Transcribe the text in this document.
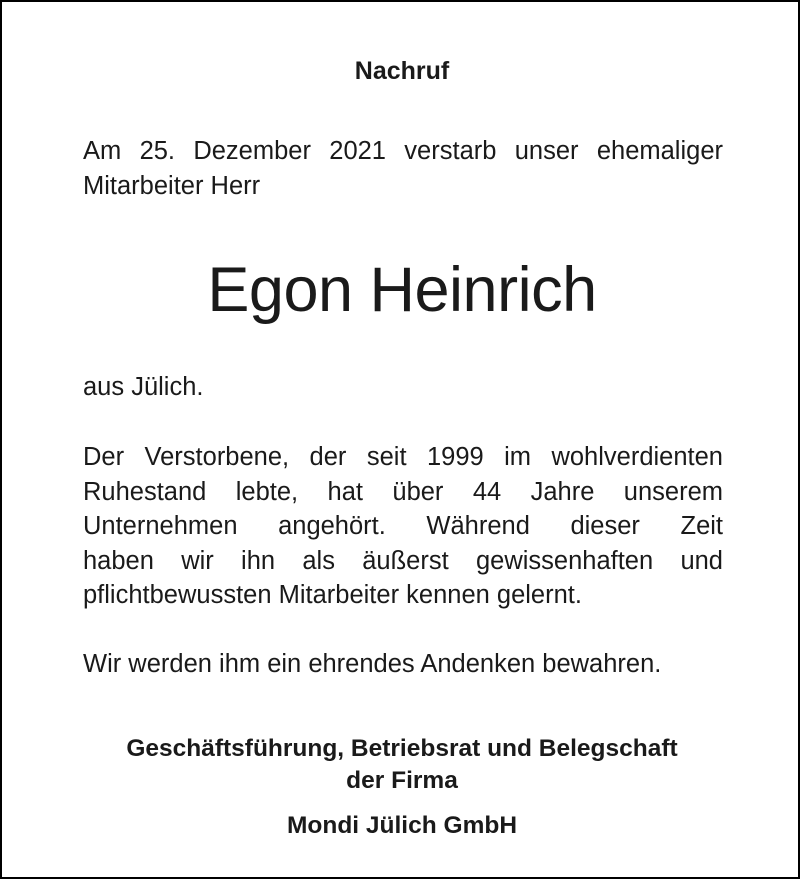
Nachruf
Am 25. Dezember 2021 verstarb unser ehemaliger
Mitarbeiter Herr
Egon Heinrich
aus Jülich.
Der Verstorbene, der seit 1999 im wohlverdienten
Ruhestand lebte, hat über 44 Jahre unserem
Unternehmen angehört. Während dieser Zeit
haben wir ihn als äußerst gewissenhaften und
pflichtbewussten Mitarbeiter kennen gelernt.
Wir werden ihm ein ehrendes Andenken bewahren.
Geschäftsführung, Betriebsrat und Belegschaft
der Firma
Mondi Jülich GmbH
